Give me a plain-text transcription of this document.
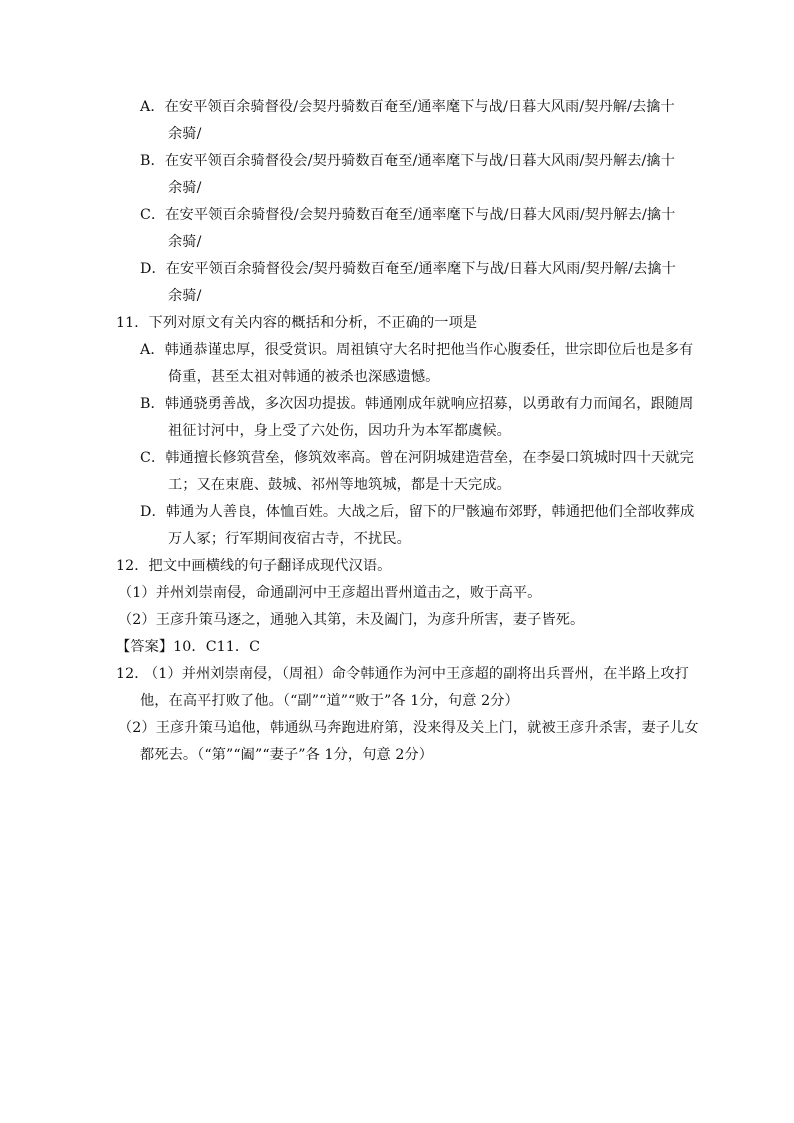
A．在安平领百余骑督役/会契丹骑数百奄至/通率麾下与战/日暮大风雨/契丹解/去擒十
余骑/
B．在安平领百余骑督役会/契丹骑数百奄至/通率麾下与战/日暮大风雨/契丹解去/擒十
余骑/
C．在安平领百余骑督役/会契丹骑数百奄至/通率麾下与战/日暮大风雨/契丹解去/擒十
余骑/
D．在安平领百余骑督役会/契丹骑数百奄至/通率麾下与战/日暮大风雨/契丹解/去擒十
余骑/
11．下列对原文有关内容的概括和分析，不正确的一项是
A．韩通恭谨忠厚，很受赏识。周祖镇守大名时把他当作心腹委任，世宗即位后也是多有
倚重，甚至太祖对韩通的被杀也深感遗憾。
B．韩通骁勇善战，多次因功提拔。韩通刚成年就响应招募，以勇敢有力而闻名，跟随周
祖征讨河中，身上受了六处伤，因功升为本军都虞候。
C．韩通擅长修筑营垒，修筑效率高。曾在河阴城建造营垒，在李晏口筑城时四十天就完
工；又在束鹿、鼓城、祁州等地筑城，都是十天完成。
D．韩通为人善良，体恤百姓。大战之后，留下的尸骸遍布郊野，韩通把他们全部收葬成
万人冢；行军期间夜宿古寺，不扰民。
12．把文中画横线的句子翻译成现代汉语。
（1）并州刘崇南侵，命通副河中王彦超出晋州道击之，败于高平。
（2）王彦升策马逐之，通驰入其第，未及阖门，为彦升所害，妻子皆死。
【答案】10．C11．C
12．
（1）并州刘崇南侵，（周祖）命令韩通作为河中王彦超的副将出兵晋州，在半路上攻打
他，在高平打败了他。（“副”“道”“败于”各 1分，句意 2分）
（2）王彦升策马追他，韩通纵马奔跑进府第，没来得及关上门，就被王彦升杀害，妻子儿女
都死去。（“第”“阖”“妻子”各 1分，句意 2分）
